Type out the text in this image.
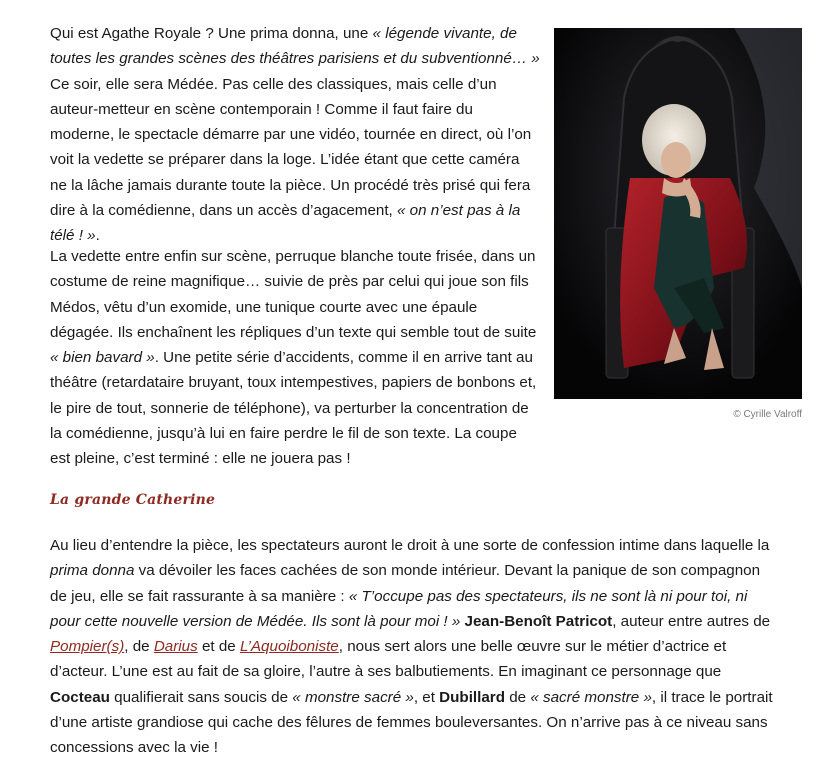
Qui est Agathe Royale ? Une prima donna, une « légende vivante, de toutes les grandes scènes des théâtres parisiens et du subventionné… » Ce soir, elle sera Médée. Pas celle des classiques, mais celle d’un auteur-metteur en scène contemporain ! Comme il faut faire du moderne, le spectacle démarre par une vidéo, tournée en direct, où l’on voit la vedette se préparer dans la loge. L’idée étant que cette caméra ne la lâche jamais durante toute la pièce. Un procédé très prisé qui fera dire à la comédienne, dans un accès d’agacement, « on n’est pas à la télé ! ».

La vedette entre enfin sur scène, perruque blanche toute frisée, dans un costume de reine magnifique… suivie de près par celui qui joue son fils Médos, vêtu d’un exomide, une tunique courte avec une épaule dégagée. Ils enchaînent les répliques d’un texte qui semble tout de suite « bien bavard ». Une petite série d’accidents, comme il en arrive tant au théâtre (retardataire bruyant, toux intempestives, papiers de bonbons et, le pire de tout, sonnerie de téléphone), va perturber la concentration de la comédienne, jusqu’à lui en faire perdre le fil de son texte. La coupe est pleine, c’est terminé : elle ne jouera pas !

La grande Catherine

Au lieu d’entendre la pièce, les spectateurs auront le droit à une sorte de confession intime dans laquelle la prima donna va dévoiler les faces cachées de son monde intérieur. Devant la panique de son compagnon de jeu, elle se fait rassurante à sa manière : « T’occupe pas des spectateurs, ils ne sont là ni pour toi, ni pour cette nouvelle version de Médée. Ils sont là pour moi ! » Jean-Benoît Patricot, auteur entre autres de Pompier(s), de Darius et de L’Aquoiboniste, nous sert alors une belle œuvre sur le métier d’actrice et d’acteur. L’une est au fait de sa gloire, l’autre à ses balbutiements. En imaginant ce personnage que Cocteau qualifierait sans soucis de « monstre sacré », et Dubillard de « sacré monstre », il trace le portrait d’une artiste grandiose qui cache des fêlures de femmes bouleversantes. On n’arrive pas à ce niveau sans concessions avec la vie !

© Cyrille Valroff
